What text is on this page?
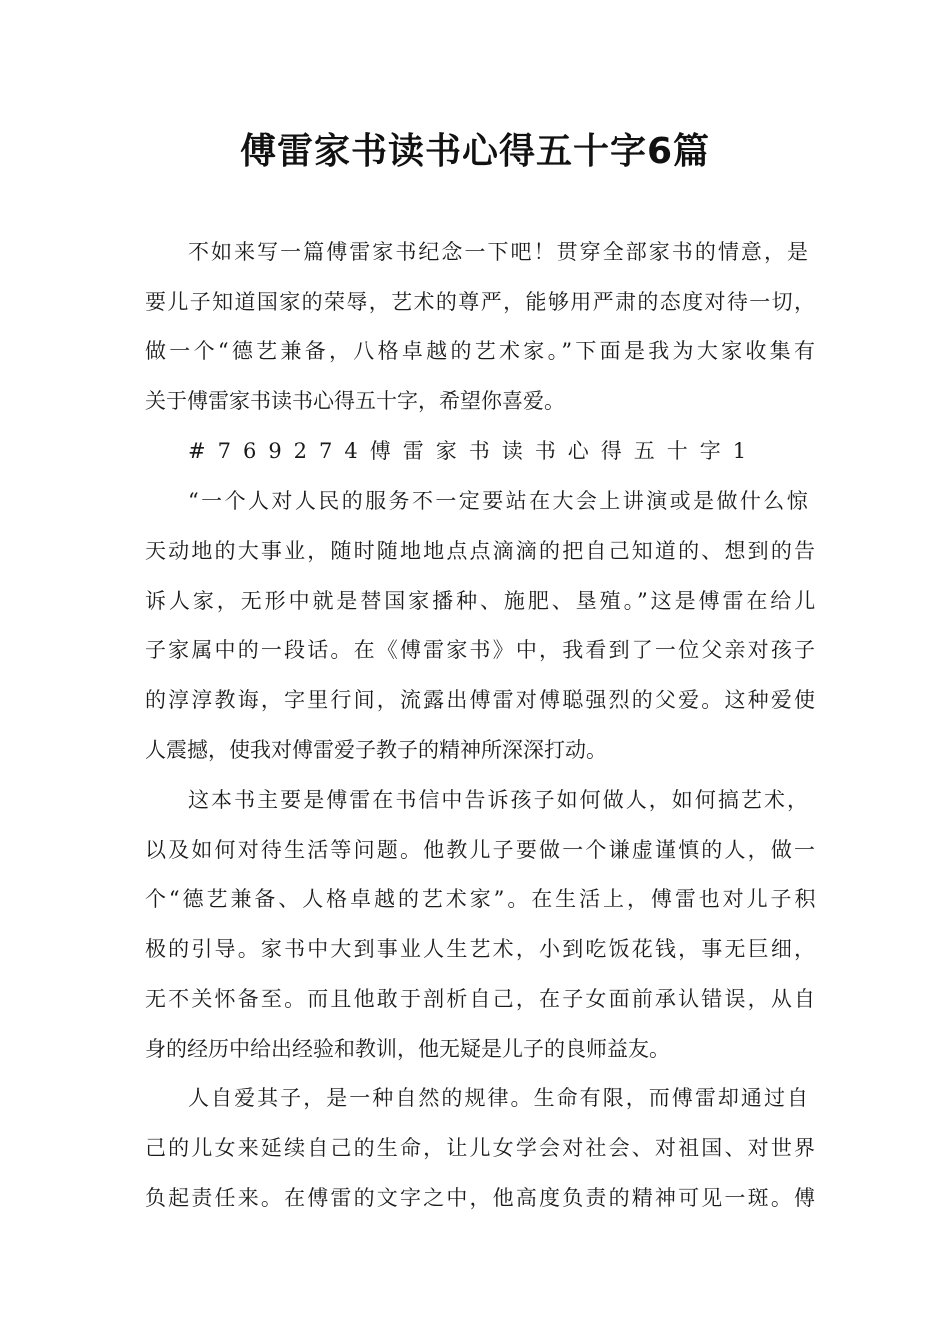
傅雷家书读书心得五十字6篇
不如来写一篇傅雷家书纪念一下吧！贯穿全部家书的情意，是
要儿子知道国家的荣辱，艺术的尊严，能够用严肃的态度对待一切，
做一个“德艺兼备，八格卓越的艺术家。”下面是我为大家收集有
关于傅雷家书读书心得五十字，希望你喜爱。
#769274傅雷家书读书心得五十字1
“一个人对人民的服务不一定要站在大会上讲演或是做什么惊
天动地的大事业，随时随地地点点滴滴的把自己知道的、想到的告
诉人家，无形中就是替国家播种、施肥、垦殖。”这是傅雷在给儿
子家属中的一段话。在《傅雷家书》中，我看到了一位父亲对孩子
的淳淳教诲，字里行间，流露出傅雷对傅聪强烈的父爱。这种爱使
人震撼，使我对傅雷爱子教子的精神所深深打动。
这本书主要是傅雷在书信中告诉孩子如何做人，如何搞艺术，
以及如何对待生活等问题。他教儿子要做一个谦虚谨慎的人，做一
个“德艺兼备、人格卓越的艺术家”。在生活上，傅雷也对儿子积
极的引导。家书中大到事业人生艺术，小到吃饭花钱，事无巨细，
无不关怀备至。而且他敢于剖析自己，在子女面前承认错误，从自
身的经历中给出经验和教训，他无疑是儿子的良师益友。
人自爱其子，是一种自然的规律。生命有限，而傅雷却通过自
己的儿女来延续自己的生命，让儿女学会对社会、对祖国、对世界
负起责任来。在傅雷的文字之中，他高度负责的精神可见一斑。傅
